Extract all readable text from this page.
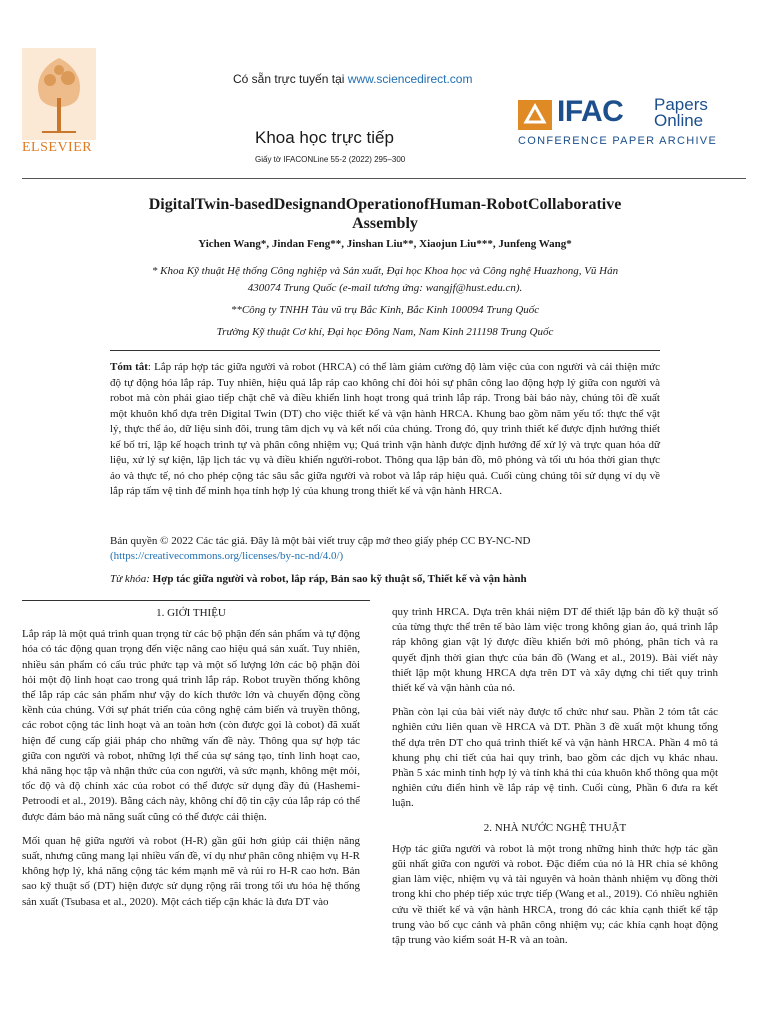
ELSEVIER
Có sẵn trực tuyến tại www.sciencedirect.com
Khoa học trực tiếp
Giấy tờ IFACONLine 55-2 (2022) 295–300
IFAC Papers
Online
CONFERENCE PAPER ARCHIVE
DigitalTwin-basedDesignandOperationofHuman-RobotCollaborative
Assembly
Yichen Wang*, Jindan Feng**, Jinshan Liu**, Xiaojun Liu***, Junfeng Wang*
* Khoa Kỹ thuật Hệ thống Công nghiệp và Sản xuất, Đại học Khoa học và Công nghệ Huazhong, Vũ Hán
430074 Trung Quốc (e-mail tương ứng: wangjf@hust.edu.cn).
**Công ty TNHH Tàu vũ trụ Bắc Kinh, Bắc Kinh 100094 Trung Quốc
Trường Kỹ thuật Cơ khí, Đại học Đông Nam, Nam Kinh 211198 Trung Quốc
Tóm tắt: Lắp ráp hợp tác giữa người và robot (HRCA) có thể làm giảm cường độ làm việc của con người và cải thiện mức độ tự động hóa lắp ráp. Tuy nhiên, hiệu quả lắp ráp cao không chỉ đòi hỏi sự phân công lao động hợp lý giữa con người và robot mà còn phải giao tiếp chặt chẽ và điều khiển linh hoạt trong quá trình lắp ráp. Trong bài báo này, chúng tôi đề xuất một khuôn khổ dựa trên Digital Twin (DT) cho việc thiết kế và vận hành HRCA. Khung bao gồm năm yếu tố: thực thể vật lý, thực thể ảo, dữ liệu sinh đôi, trung tâm dịch vụ và kết nối của chúng. Trong đó, quy trình thiết kế được định hướng thiết kế bố trí, lập kế hoạch trình tự và phân công nhiệm vụ; Quá trình vận hành được định hướng để xử lý và trực quan hóa dữ liệu, xử lý sự kiện, lập lịch tác vụ và điều khiển người-robot. Thông qua lập bản đồ, mô phỏng và tối ưu hóa thời gian thực ảo và thực tế, nó cho phép cộng tác sâu sắc giữa người và robot và lắp ráp hiệu quả. Cuối cùng chúng tôi sử dụng ví dụ về lắp ráp tấm vệ tinh để minh họa tính hợp lý của khung trong thiết kế và vận hành HRCA.
Bản quyền © 2022 Các tác giả. Đây là một bài viết truy cập mở theo giấy phép CC BY-NC-ND
(https://creativecommons.org/licenses/by-nc-nd/4.0/)
Từ khóa: Hợp tác giữa người và robot, lắp ráp, Bản sao kỹ thuật số, Thiết kế và vận hành
1. GIỚI THIỆU

Lắp ráp là một quá trình quan trọng từ các bộ phận đến sản phẩm và tự động hóa có tác động quan trọng đến việc nâng cao hiệu quả sản xuất. Tuy nhiên, nhiều sản phẩm có cấu trúc phức tạp và một số lượng lớn các bộ phận đòi hỏi một độ linh hoạt cao trong quá trình lắp ráp. Robot truyền thống không thể lắp ráp các sản phẩm như vậy do kích thước lớn và chuyển động cồng kềnh của chúng. Với sự phát triển của công nghệ cảm biến và truyền thông, các robot cộng tác linh hoạt và an toàn hơn (còn được gọi là cobot) đã xuất hiện để cung cấp giải pháp cho những vấn đề này. Thông qua sự hợp tác giữa con người và robot, những lợi thế của sự sáng tạo, tính linh hoạt cao, khả năng học tập và nhận thức của con người, và sức mạnh, không mệt mỏi, tốc độ và độ chính xác của robot có thể được sử dụng đầy đủ (Hashemi-Petroodi et al., 2019). Bằng cách này, không chỉ độ tin cậy của lắp ráp có thể được đảm bảo mà năng suất cũng có thể được cải thiện.

Mối quan hệ giữa người và robot (H-R) gần gũi hơn giúp cải thiện năng suất, nhưng cũng mang lại nhiều vấn đề, ví dụ như phân công nhiệm vụ H-R không hợp lý, khả năng cộng tác kém mạnh mẽ và rủi ro H-R cao hơn. Bản sao kỹ thuật số (DT) hiện được sử dụng rộng rãi trong tối ưu hóa hệ thống sản xuất (Tsubasa et al., 2020). Một cách tiếp cận khác là đưa DT vào

quy trình HRCA. Dựa trên khái niệm DT để thiết lập bản đồ kỹ thuật số của từng thực thể trên tế bào làm việc trong không gian ảo, quá trình lắp ráp không gian vật lý được điều khiển bởi mô phỏng, phân tích và ra quyết định thời gian thực của bản đồ (Wang et al., 2019). Bài viết này thiết lập một khung HRCA dựa trên DT và xây dựng chi tiết quy trình thiết kế và vận hành của nó.

Phần còn lại của bài viết này được tổ chức như sau. Phần 2 tóm tắt các nghiên cứu liên quan về HRCA và DT. Phần 3 đề xuất một khung tổng thể dựa trên DT cho quá trình thiết kế và vận hành HRCA. Phần 4 mô tả khung phụ chi tiết của hai quy trình, bao gồm các dịch vụ khác nhau. Phần 5 xác minh tính hợp lý và tính khả thi của khuôn khổ thông qua một nghiên cứu điển hình về lắp ráp vệ tinh. Cuối cùng, Phần 6 đưa ra kết luận.

2. NHÀ NƯỚC NGHỆ THUẬT

Hợp tác giữa người và robot là một trong những hình thức hợp tác gần gũi nhất giữa con người và robot. Đặc điểm của nó là HR chia sẻ không gian làm việc, nhiệm vụ và tài nguyên và hoàn thành nhiệm vụ đồng thời trong khi cho phép tiếp xúc trực tiếp (Wang et al., 2019). Có nhiều nghiên cứu về thiết kế và vận hành HRCA, trong đó các khía cạnh thiết kế tập trung vào bố cục cảnh và phân công nhiệm vụ; các khía cạnh hoạt động tập trung vào kiểm soát H-R và an toàn.
